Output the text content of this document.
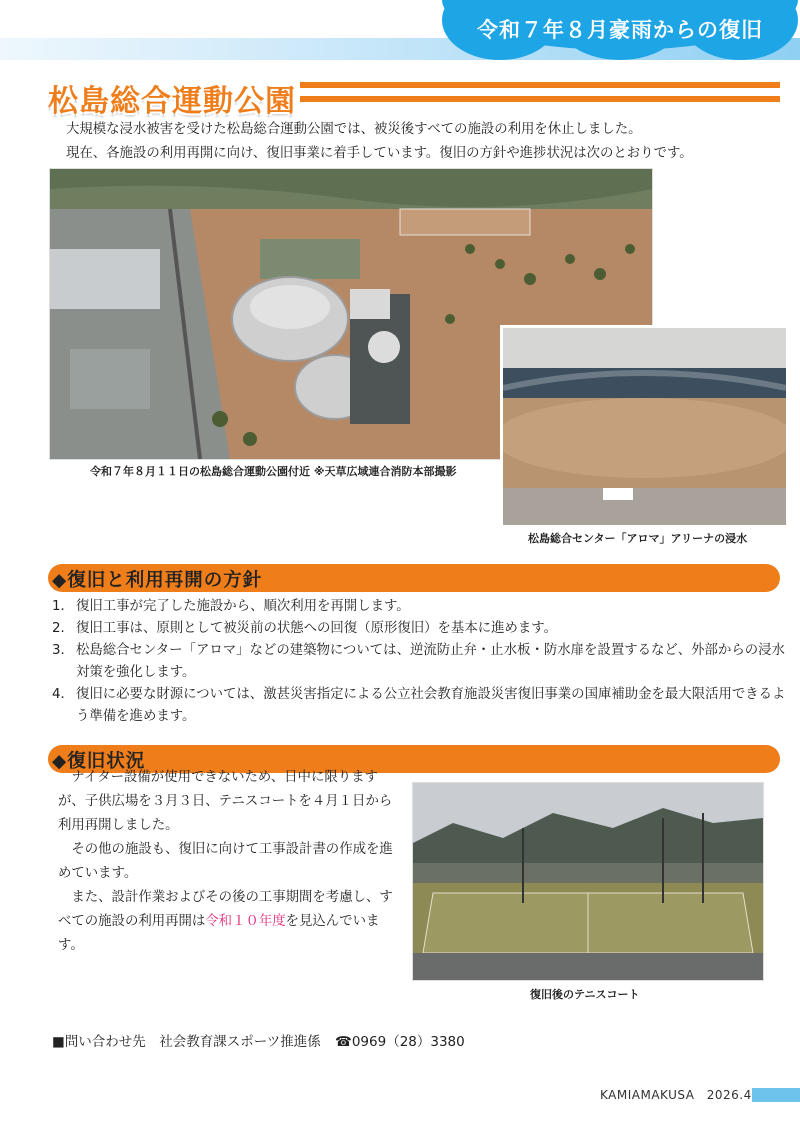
令和７年８月豪雨からの復旧
松島総合運動公園
大規模な浸水被害を受けた松島総合運動公園では、被災後すべての施設の利用を休止しました。
現在、各施設の利用再開に向け、復旧事業に着手しています。復旧の方針や進捗状況は次のとおりです。
令和７年８月１１日の松島総合運動公園付近 ※天草広域連合消防本部撮影
松島総合センター「アロマ」アリーナの浸水
◆復旧と利用再開の方針
1． 復旧工事が完了した施設から、順次利用を再開します。
2． 復旧工事は、原則として被災前の状態への回復（原形復旧）を基本に進めます。
3． 松島総合センター「アロマ」などの建築物については、逆流防止弁・止水板・防水扉を設置するなど、外部からの浸水対策を強化します。
4． 復旧に必要な財源については、激甚災害指定による公立社会教育施設災害復旧事業の国庫補助金を最大限活用できるよう準備を進めます。
◆復旧状況

　ナイター設備が使用できないため、日中に限りますが、子供広場を３月３日、テニスコートを４月１日から利用再開しました。

　その他の施設も、復旧に向けて工事設計書の作成を進めています。

　また、設計作業およびその後の工事期間を考慮し、すべての施設の利用再開は令和１０年度を見込んでいます。

復旧後のテニスコート
■問い合わせ先　社会教育課スポーツ推進係 ☎0969（28）3380
KAMIAMAKUSA 2026.4
